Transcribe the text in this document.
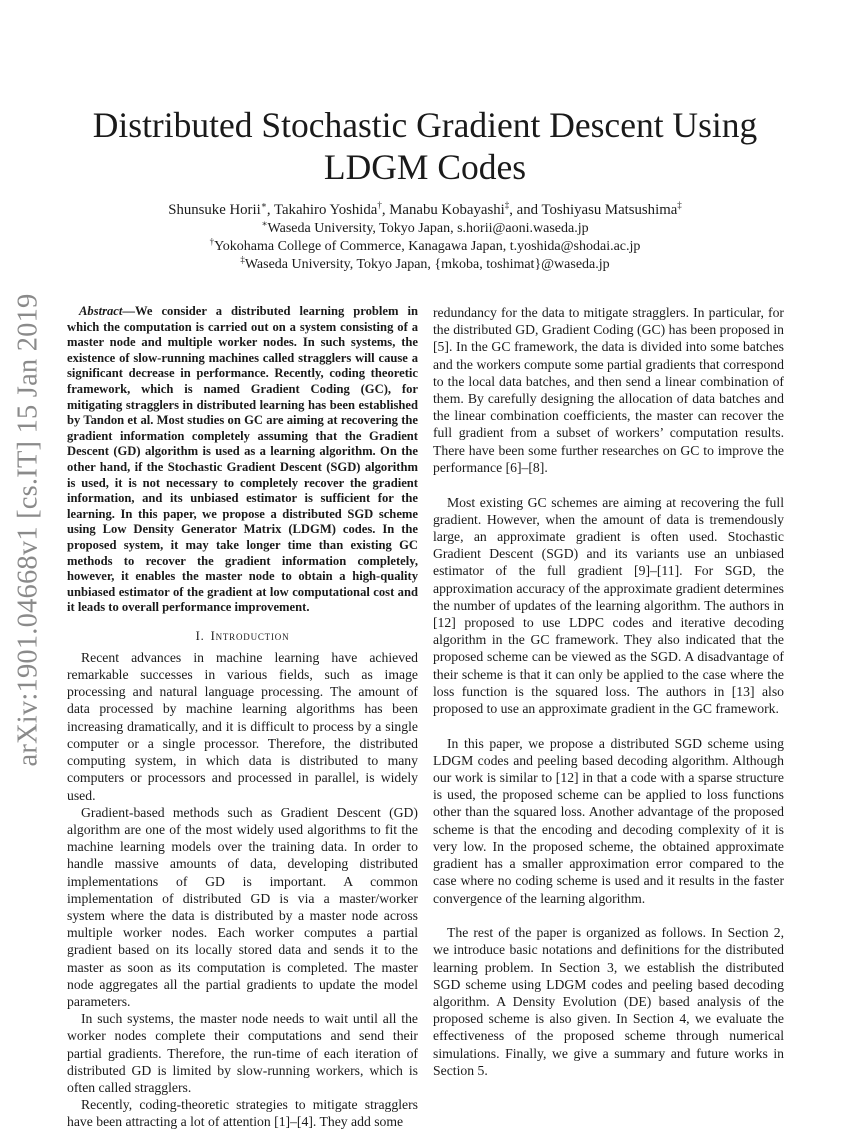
arXiv:1901.04668v1 [cs.IT] 15 Jan 2019
Distributed Stochastic Gradient Descent Using LDGM Codes
Shunsuke Horii∗, Takahiro Yoshida†, Manabu Kobayashi‡, and Toshiyasu Matsushima‡
∗Waseda University, Tokyo Japan, s.horii@aoni.waseda.jp
†Yokohama College of Commerce, Kanagawa Japan, t.yoshida@shodai.ac.jp
‡Waseda University, Tokyo Japan, {mkoba, toshimat}@waseda.jp

Abstract—We consider a distributed learning problem in which the computation is carried out on a system consisting of a master node and multiple worker nodes. In such systems, the existence of slow-running machines called stragglers will cause a significant decrease in performance. Recently, coding theoretic framework, which is named Gradient Coding (GC), for mitigating stragglers in distributed learning has been established by Tandon et al. Most studies on GC are aiming at recovering the gradient information completely assuming that the Gradient Descent (GD) algorithm is used as a learning algorithm. On the other hand, if the Stochastic Gradient Descent (SGD) algorithm is used, it is not necessary to completely recover the gradient information, and its unbiased estimator is sufficient for the learning. In this paper, we propose a distributed SGD scheme using Low Density Generator Matrix (LDGM) codes. In the proposed system, it may take longer time than existing GC methods to recover the gradient information completely, however, it enables the master node to obtain a high-quality unbiased estimator of the gradient at low computational cost and it leads to overall performance improvement.

I. Introduction

Recent advances in machine learning have achieved remarkable successes in various fields, such as image processing and natural language processing. The amount of data processed by machine learning algorithms has been increasing dramatically, and it is difficult to process by a single computer or a single processor. Therefore, the distributed computing system, in which data is distributed to many computers or processors and processed in parallel, is widely used.

Gradient-based methods such as Gradient Descent (GD) algorithm are one of the most widely used algorithms to fit the machine learning models over the training data. In order to handle massive amounts of data, developing distributed implementations of GD is important. A common implementation of distributed GD is via a master/worker system where the data is distributed by a master node across multiple worker nodes. Each worker computes a partial gradient based on its locally stored data and sends it to the master as soon as its computation is completed. The master node aggregates all the partial gradients to update the model parameters.

In such systems, the master node needs to wait until all the worker nodes complete their computations and send their partial gradients. Therefore, the run-time of each iteration of distributed GD is limited by slow-running workers, which is often called stragglers.

Recently, coding-theoretic strategies to mitigate stragglers have been attracting a lot of attention [1]–[4]. They add some

redundancy for the data to mitigate stragglers. In particular, for the distributed GD, Gradient Coding (GC) has been proposed in [5]. In the GC framework, the data is divided into some batches and the workers compute some partial gradients that correspond to the local data batches, and then send a linear combination of them. By carefully designing the allocation of data batches and the linear combination coefficients, the master can recover the full gradient from a subset of workers’ computation results. There have been some further researches on GC to improve the performance [6]–[8].

Most existing GC schemes are aiming at recovering the full gradient. However, when the amount of data is tremendously large, an approximate gradient is often used. Stochastic Gradient Descent (SGD) and its variants use an unbiased estimator of the full gradient [9]–[11]. For SGD, the approximation accuracy of the approximate gradient determines the number of updates of the learning algorithm. The authors in [12] proposed to use LDPC codes and iterative decoding algorithm in the GC framework. They also indicated that the proposed scheme can be viewed as the SGD. A disadvantage of their scheme is that it can only be applied to the case where the loss function is the squared loss. The authors in [13] also proposed to use an approximate gradient in the GC framework.

In this paper, we propose a distributed SGD scheme using LDGM codes and peeling based decoding algorithm. Although our work is similar to [12] in that a code with a sparse structure is used, the proposed scheme can be applied to loss functions other than the squared loss. Another advantage of the proposed scheme is that the encoding and decoding complexity of it is very low. In the proposed scheme, the obtained approximate gradient has a smaller approximation error compared to the case where no coding scheme is used and it results in the faster convergence of the learning algorithm.

The rest of the paper is organized as follows. In Section 2, we introduce basic notations and definitions for the distributed learning problem. In Section 3, we establish the distributed SGD scheme using LDGM codes and peeling based decoding algorithm. A Density Evolution (DE) based analysis of the proposed scheme is also given. In Section 4, we evaluate the effectiveness of the proposed scheme through numerical simulations. Finally, we give a summary and future works in Section 5.
